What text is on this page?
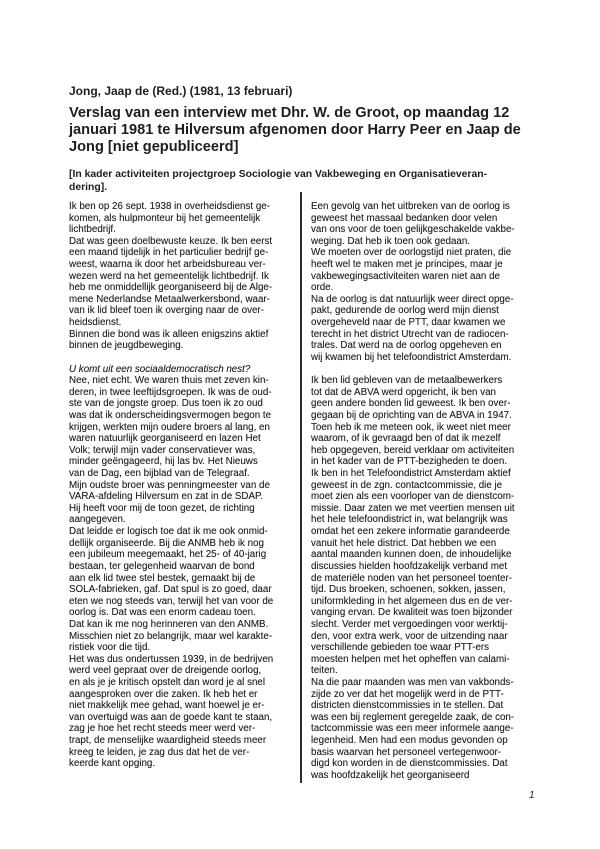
Jong, Jaap de (Red.) (1981, 13 februari)
Verslag van een interview met Dhr. W. de Groot, op maandag 12
januari 1981 te Hilversum afgenomen door Harry Peer en Jaap de
Jong [niet gepubliceerd]
[In kader activiteiten projectgroep Sociologie van Vakbeweging en Organisatieveran-
dering].
Ik ben op 26 sept. 1938 in overheidsdienst ge-
komen, als hulpmonteur bij het gemeentelijk
lichtbedrijf.
Dat was geen doelbewuste keuze. Ik ben eerst
een maand tijdelijk in het particulier bedrijf ge-
weest, waarna ik door het arbeidsbureau ver-
wezen werd na het gemeentelijk lichtbedrijf. Ik
heb me onmiddellijk georganiseerd bij de Alge-
mene Nederlandse Metaalwerkersbond, waar-
van ik lid bleef toen ik overging naar de over-
heidsdienst.
Binnen die bond was ik alleen enigszins aktief
binnen de jeugdbeweging.

U komt uit een sociaaldemocratisch nest?
Nee, niet echt. We waren thuis met zeven kin-
deren, in twee leeftijdsgroepen. Ik was de oud-
ste van de jongste groep. Dus toen ik zo oud
was dat ik onderscheidingsvermogen begon te
krijgen, werkten mijn oudere broers al lang, en
waren natuurlijk georganiseerd en lazen Het
Volk; terwijl mijn vader conservatiever was,
minder geëngageerd, hij las bv. Het Nieuws
van de Dag, een bijblad van de Telegraaf.
Mijn oudste broer was penningmeester van de
VARA-afdeling Hilversum en zat in de SDAP.
Hij heeft voor mij de toon gezet, de richting
aangegeven.
Dat leidde er logisch toe dat ik me ook onmid-
dellijk organiseerde. Bij die ANMB heb ik nog
een jubileum meegemaakt, het 25- of 40-jarig
bestaan, ter gelegenheid waarvan de bond
aan elk lid twee stel bestek, gemaakt bij de
SOLA-fabrieken, gaf. Dat spul is zo goed, daar
eten we nog steeds van, terwijl het van voor de
oorlog is. Dat was een enorm cadeau toen.
Dat kan ik me nog herinneren van den ANMB.
Misschien niet zo belangrijk, maar wel karakte-
ristiek voor die tijd.
Het was dus ondertussen 1939, in de bedrijven
werd veel gepraat over de dreigende oorlog,
en als je je kritisch opstelt dan word je al snel
aangesproken over die zaken. Ik heb het er
niet makkelijk mee gehad, want hoewel je er-
van overtuigd was aan de goede kant te staan,
zag je hoe het recht steeds meer werd ver-
trapt, de menselijke waardigheid steeds meer
kreeg te leiden, je zag dus dat het de ver-
keerde kant opging.
Een gevolg van het uitbreken van de oorlog is
geweest het massaal bedanken door velen
van ons voor de toen gelijkgeschakelde vakbe-
weging. Dat heb ik toen ook gedaan.
We moeten over de oorlogstijd niet praten, die
heeft wel te maken met je principes, maar je
vakbewegingsactiviteiten waren niet aan de
orde.
Na de oorlog is dat natuurlijk weer direct opge-
pakt, gedurende de oorlog werd mijn dienst
overgeheveld naar de PTT, daar kwamen we
terecht in het district Utrecht van de radiocen-
trales. Dat werd na de oorlog opgeheven en
wij kwamen bij het telefoondistrict Amsterdam.

Ik ben lid gebleven van de metaalbewerkers
tot dat de ABVA werd opgericht, ik ben van
geen andere bonden lid geweest. Ik ben over-
gegaan bij de oprichting van de ABVA in 1947.
Toen heb ik me meteen ook, ik weet niet meer
waarom, of ik gevraagd ben of dat ik mezelf
heb opgegeven, bereid verklaar om activiteiten
in het kader van de PTT-bezigheden te doen.
Ik ben in het Telefoondistrict Amsterdam aktief
geweest in de zgn. contactcommissie, die je
moet zien als een voorloper van de dienstcom-
missie. Daar zaten we met veertien mensen uit
het hele telefoondistrict in, wat belangrijk was
omdat het een zekere informatie garandeerde
vanuit het hele district. Dat hebben we een
aantal maanden kunnen doen, de inhoudelijke
discussies hielden hoofdzakelijk verband met
de materiële noden van het personeel toenter-
tijd. Dus broeken, schoenen, sokken, jassen,
uniformkleding in het algemeen dus en de ver-
vanging ervan. De kwaliteit was toen bijzonder
slecht. Verder met vergoedingen voor werktij-
den, voor extra werk, voor de uitzending naar
verschillende gebieden toe waar PTT-ers
moesten helpen met het opheffen van calami-
teiten.
Na die paar maanden was men van vakbonds-
zijde zo ver dat het mogelijk werd in de PTT-
districten dienstcommissies in te stellen. Dat
was een bij reglement geregelde zaak, de con-
tactcommissie was een meer informele aange-
legenheid. Men had een modus gevonden op
basis waarvan het personeel vertegenwoor-
digd kon worden in de dienstcommissies. Dat
was hoofdzakelijk het georganiseerd
1
